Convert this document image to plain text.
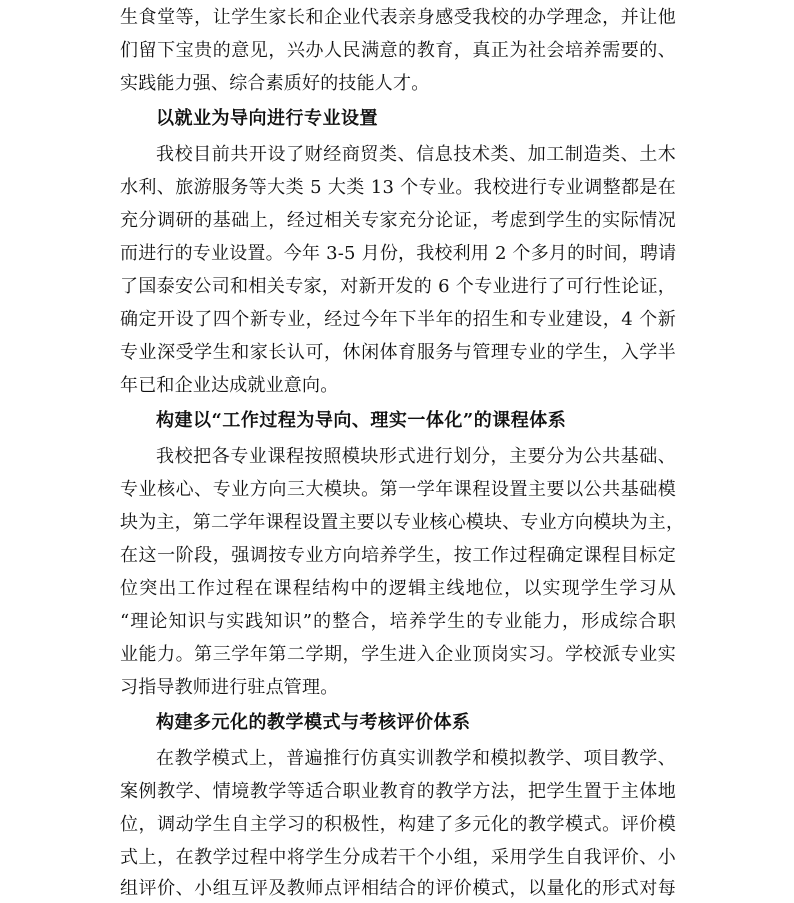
生食堂等，让学生家长和企业代表亲身感受我校的办学理念，并让他
们留下宝贵的意见，兴办人民满意的教育，真正为社会培养需要的、
实践能力强、综合素质好的技能人才。
以就业为导向进行专业设置
我校目前共开设了财经商贸类、信息技术类、加工制造类、土木
水利、旅游服务等大类 5 大类 13 个专业。我校进行专业调整都是在
充分调研的基础上，经过相关专家充分论证，考虑到学生的实际情况
而进行的专业设置。今年 3-5 月份，我校利用 2 个多月的时间，聘请
了国泰安公司和相关专家，对新开发的 6 个专业进行了可行性论证，
确定开设了四个新专业，经过今年下半年的招生和专业建设，4 个新
专业深受学生和家长认可，休闲体育服务与管理专业的学生，入学半
年已和企业达成就业意向。
构建以“工作过程为导向、理实一体化”的课程体系
我校把各专业课程按照模块形式进行划分，主要分为公共基础、
专业核心、专业方向三大模块。第一学年课程设置主要以公共基础模
块为主，第二学年课程设置主要以专业核心模块、专业方向模块为主，
在这一阶段，强调按专业方向培养学生，按工作过程确定课程目标定
位突出工作过程在课程结构中的逻辑主线地位，以实现学生学习从
“理论知识与实践知识”的整合，培养学生的专业能力，形成综合职
业能力。第三学年第二学期，学生进入企业顶岗实习。学校派专业实
习指导教师进行驻点管理。
构建多元化的教学模式与考核评价体系
在教学模式上，普遍推行仿真实训教学和模拟教学、项目教学、
案例教学、情境教学等适合职业教育的教学方法，把学生置于主体地
位，调动学生自主学习的积极性，构建了多元化的教学模式。评价模
式上，在教学过程中将学生分成若干个小组，采用学生自我评价、小
组评价、小组互评及教师点评相结合的评价模式，以量化的形式对每
